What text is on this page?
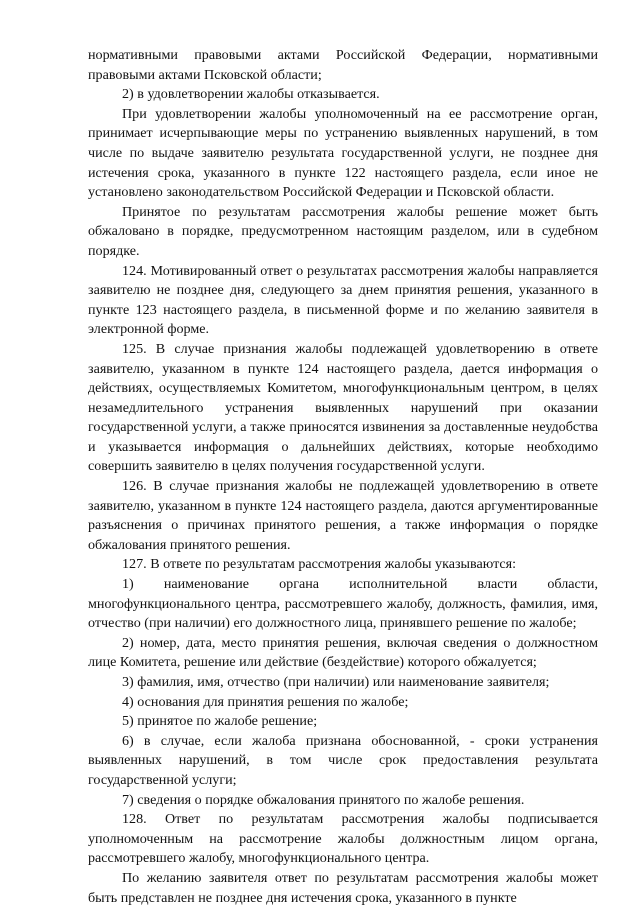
нормативными правовыми актами Российской Федерации, нормативными правовыми актами Псковской области;

2) в удовлетворении жалобы отказывается.

При удовлетворении жалобы уполномоченный на ее рассмотрение орган, принимает исчерпывающие меры по устранению выявленных нарушений, в том числе по выдаче заявителю результата государственной услуги, не позднее дня истечения срока, указанного в пункте 122 настоящего раздела, если иное не установлено законодательством Российской Федерации и Псковской области.

Принятое по результатам рассмотрения жалобы решение может быть обжаловано в порядке, предусмотренном настоящим разделом, или в судебном порядке.

124. Мотивированный ответ о результатах рассмотрения жалобы направляется заявителю не позднее дня, следующего за днем принятия решения, указанного в пункте 123 настоящего раздела, в письменной форме и по желанию заявителя в электронной форме.

125. В случае признания жалобы подлежащей удовлетворению в ответе заявителю, указанном в пункте 124 настоящего раздела, дается информация о действиях, осуществляемых Комитетом, многофункциональным центром, в целях незамедлительного устранения выявленных нарушений при оказании государственной услуги, а также приносятся извинения за доставленные неудобства и указывается информация о дальнейших действиях, которые необходимо совершить заявителю в целях получения государственной услуги.

126. В случае признания жалобы не подлежащей удовлетворению в ответе заявителю, указанном в пункте 124 настоящего раздела, даются аргументированные разъяснения о причинах принятого решения, а также информация о порядке обжалования принятого решения.

127. В ответе по результатам рассмотрения жалобы указываются:

1) наименование органа исполнительной власти области, многофункционального центра, рассмотревшего жалобу, должность, фамилия, имя, отчество (при наличии) его должностного лица, принявшего решение по жалобе;

2) номер, дата, место принятия решения, включая сведения о должностном лице Комитета, решение или действие (бездействие) которого обжалуется;

3) фамилия, имя, отчество (при наличии) или наименование заявителя;

4) основания для принятия решения по жалобе;

5) принятое по жалобе решение;

6) в случае, если жалоба признана обоснованной, - сроки устранения выявленных нарушений, в том числе срок предоставления результата государственной услуги;

7) сведения о порядке обжалования принятого по жалобе решения.

128. Ответ по результатам рассмотрения жалобы подписывается уполномоченным на рассмотрение жалобы должностным лицом органа, рассмотревшего жалобу, многофункционального центра.

По желанию заявителя ответ по результатам рассмотрения жалобы может быть представлен не позднее дня истечения срока, указанного в пункте
